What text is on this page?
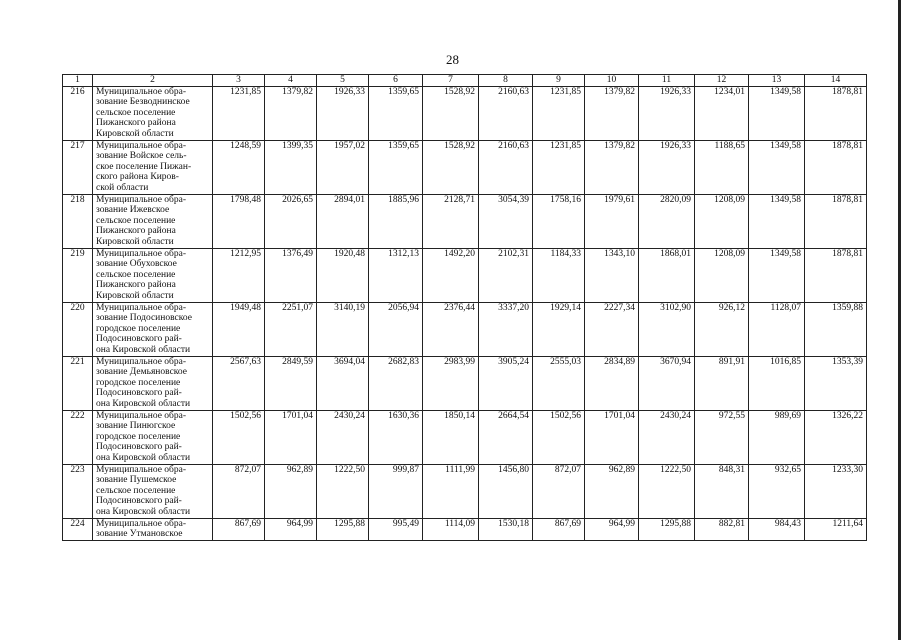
28
1	2	3	4	5	6	7	8	9	10	11	12	13	14
216	Муниципальное обра-
зование Безводнинское
сельское поселение
Пижанского района
Кировской области	1231,85	1379,82	1926,33	1359,65	1528,92	2160,63	1231,85	1379,82	1926,33	1234,01	1349,58	1878,81
217	Муниципальное обра-
зование Войское сель-
ское поселение Пижан-
ского района Киров-
ской области	1248,59	1399,35	1957,02	1359,65	1528,92	2160,63	1231,85	1379,82	1926,33	1188,65	1349,58	1878,81
218	Муниципальное обра-
зование Ижевское
сельское поселение
Пижанского района
Кировской области	1798,48	2026,65	2894,01	1885,96	2128,71	3054,39	1758,16	1979,61	2820,09	1208,09	1349,58	1878,81
219	Муниципальное обра-
зование Обуховское
сельское поселение
Пижанского района
Кировской области	1212,95	1376,49	1920,48	1312,13	1492,20	2102,31	1184,33	1343,10	1868,01	1208,09	1349,58	1878,81
220	Муниципальное обра-
зование Подосиновское
городское поселение
Подосиновского рай-
она Кировской области	1949,48	2251,07	3140,19	2056,94	2376,44	3337,20	1929,14	2227,34	3102,90	926,12	1128,07	1359,88
221	Муниципальное обра-
зование Демьяновское
городское поселение
Подосиновского рай-
она Кировской области	2567,63	2849,59	3694,04	2682,83	2983,99	3905,24	2555,03	2834,89	3670,94	891,91	1016,85	1353,39
222	Муниципальное обра-
зование Пинюгское
городское поселение
Подосиновского рай-
она Кировской области	1502,56	1701,04	2430,24	1630,36	1850,14	2664,54	1502,56	1701,04	2430,24	972,55	989,69	1326,22
223	Муниципальное обра-
зование Пушемское
сельское поселение
Подосиновского рай-
она Кировской области	872,07	962,89	1222,50	999,87	1111,99	1456,80	872,07	962,89	1222,50	848,31	932,65	1233,30
224	Муниципальное обра-
зование Утмановское	867,69	964,99	1295,88	995,49	1114,09	1530,18	867,69	964,99	1295,88	882,81	984,43	1211,64
